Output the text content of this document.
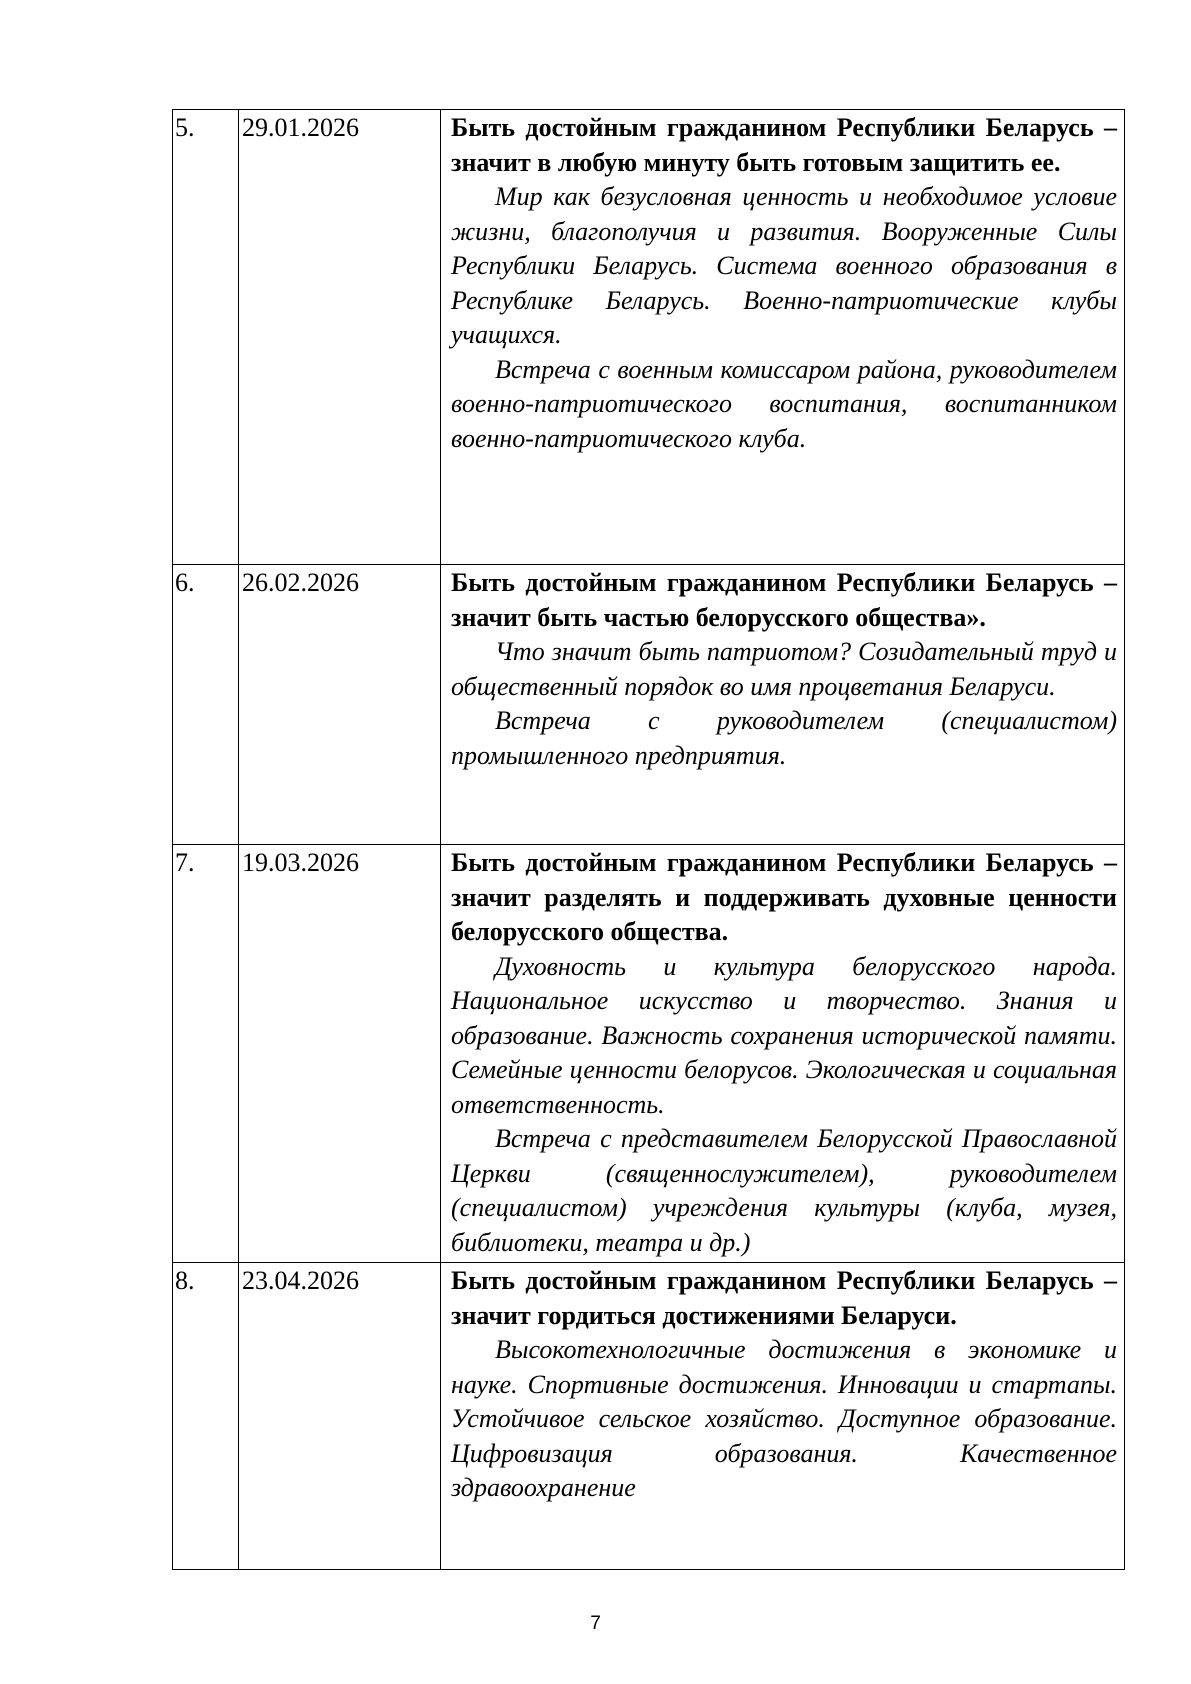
5.	29.01.2026	Быть достойным гражданином Республики Беларусь – значит в любую минуту быть готовым защитить ее.

Мир как безусловная ценность и необходимое условие жизни, благополучия и развития. Вооруженные Силы Республики Беларусь. Система военного образования в Республике Беларусь. Военно-патриотические клубы учащихся.

Встреча с военным комиссаром района, руководителем военно-патриотического воспитания, воспитанником военно-патриотического клуба.

6.	26.02.2026	Быть достойным гражданином Республики Беларусь – значит быть частью белорусского общества».

Что значит быть патриотом? Созидательный труд и общественный порядок во имя процветания Беларуси.

Встреча с руководителем (специалистом) промышленного предприятия.

7.	19.03.2026	Быть достойным гражданином Республики Беларусь – значит разделять и поддерживать духовные ценности белорусского общества.

Духовность и культура белорусского народа. Национальное искусство и творчество. Знания и образование. Важность сохранения исторической памяти. Семейные ценности белорусов. Экологическая и социальная ответственность.

Встреча с представителем Белорусской Православной Церкви (священнослужителем), руководителем (специалистом) учреждения культуры (клуба, музея, библиотеки, театра и др.)

8.	23.04.2026	Быть достойным гражданином Республики Беларусь – значит гордиться достижениями Беларуси.

Высокотехнологичные достижения в экономике и науке. Спортивные достижения. Инновации и стартапы. Устойчивое сельское хозяйство. Доступное образование. Цифровизация образования. Качественное здравоохранение

7
